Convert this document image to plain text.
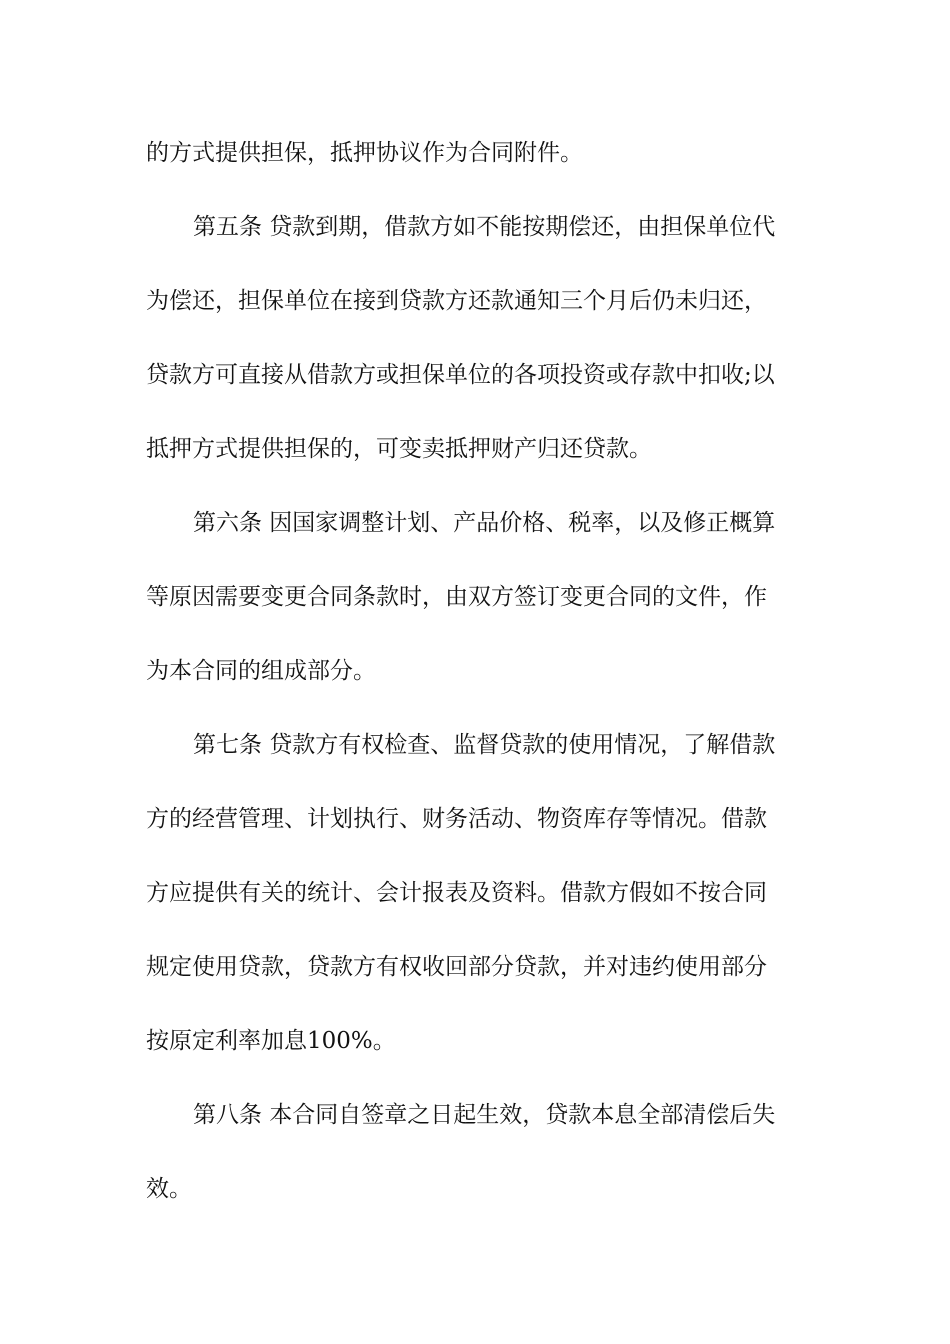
的方式提供担保，抵押协议作为合同附件。
第五条 贷款到期，借款方如不能按期偿还，由担保单位代
为偿还，担保单位在接到贷款方还款通知三个月后仍未归还，
贷款方可直接从借款方或担保单位的各项投资或存款中扣收;以
抵押方式提供担保的，可变卖抵押财产归还贷款。
第六条 因国家调整计划、产品价格、税率，以及修正概算
等原因需要变更合同条款时，由双方签订变更合同的文件，作
为本合同的组成部分。
第七条 贷款方有权检查、监督贷款的使用情况，了解借款
方的经营管理、计划执行、财务活动、物资库存等情况。借款
方应提供有关的统计、会计报表及资料。借款方假如不按合同
规定使用贷款，贷款方有权收回部分贷款，并对违约使用部分
按原定利率加息100%。
第八条 本合同自签章之日起生效，贷款本息全部清偿后失
效。
